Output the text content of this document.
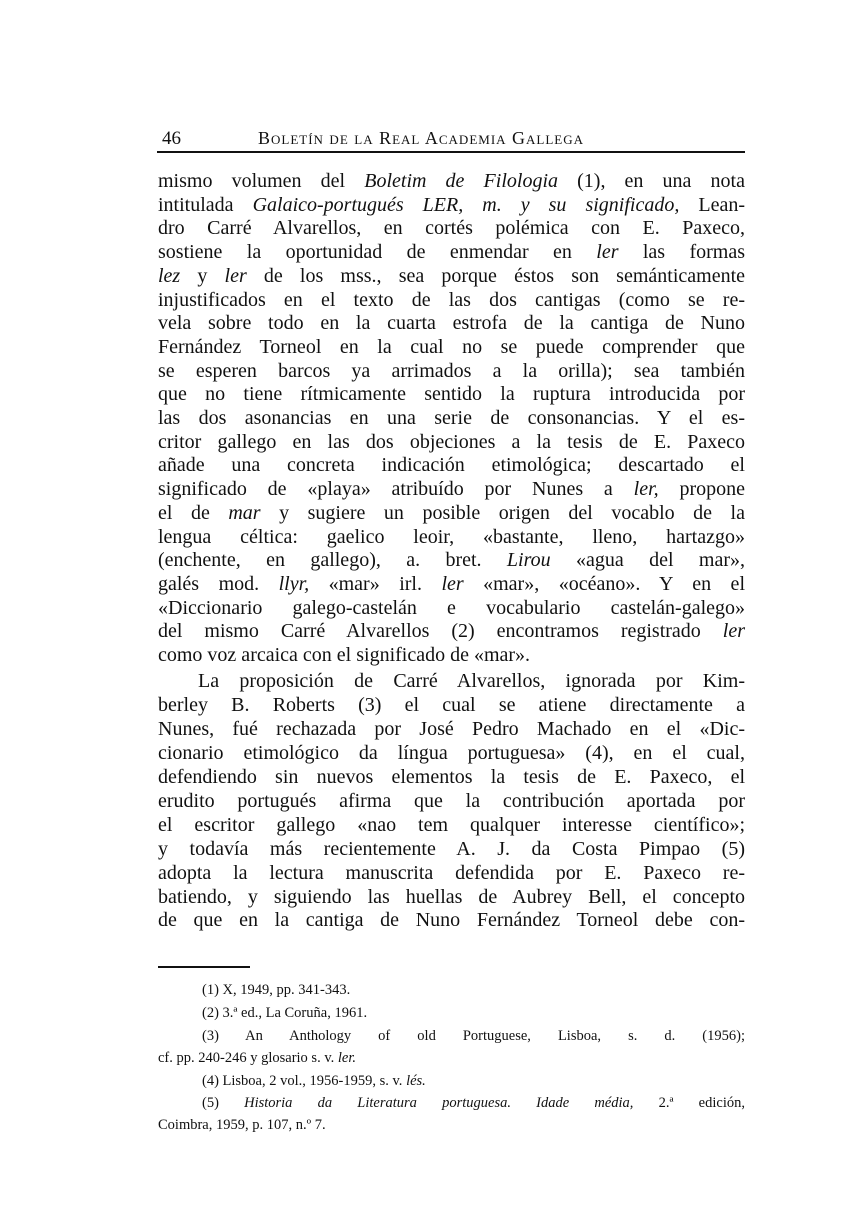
46	Boletín de la Real Academia Gallega
mismo volumen del Boletim de Filologia (1), en una nota
intitulada Galaico-portugués LER, m. y su significado, Lean-
dro Carré Alvarellos, en cortés polémica con E. Paxeco,
sostiene la oportunidad de enmendar en ler las formas
lez y ler de los mss., sea porque éstos son semánticamente
injustificados en el texto de las dos cantigas (como se re-
vela sobre todo en la cuarta estrofa de la cantiga de Nuno
Fernández Torneol en la cual no se puede comprender que
se esperen barcos ya arrimados a la orilla); sea también
que no tiene rítmicamente sentido la ruptura introducida por
las dos asonancias en una serie de consonancias. Y el es-
critor gallego en las dos objeciones a la tesis de E. Paxeco
añade una concreta indicación etimológica; descartado el
significado de «playa» atribuído por Nunes a ler, propone
el de mar y sugiere un posible origen del vocablo de la
lengua céltica: gaelico leoir, «bastante, lleno, hartazgo»
(enchente, en gallego), a. bret. Lirou «agua del mar»,
galés mod. llyr, «mar» irl. ler «mar», «océano». Y en el
«Diccionario galego-castelán e vocabulario castelán-galego»
del mismo Carré Alvarellos (2) encontramos registrado ler
como voz arcaica con el significado de «mar».
La proposición de Carré Alvarellos, ignorada por Kim-
berley B. Roberts (3) el cual se atiene directamente a
Nunes, fué rechazada por José Pedro Machado en el «Dic-
cionario etimológico da língua portuguesa» (4), en el cual,
defendiendo sin nuevos elementos la tesis de E. Paxeco, el
erudito portugués afirma que la contribución aportada por
el escritor gallego «nao tem qualquer interesse científico»;
y todavía más recientemente A. J. da Costa Pimpao (5)
adopta la lectura manuscrita defendida por E. Paxeco re-
batiendo, y siguiendo las huellas de Aubrey Bell, el concepto
de que en la cantiga de Nuno Fernández Torneol debe con-
(1) X, 1949, pp. 341-343.
(2) 3.ª ed., La Coruña, 1961.
(3) An Anthology of old Portuguese, Lisboa, s. d. (1956);
cf. pp. 240-246 y glosario s. v. ler.
(4) Lisboa, 2 vol., 1956-1959, s. v. lés.
(5) Historia da Literatura portuguesa. Idade média, 2.ª edición,
Coimbra, 1959, p. 107, n.º 7.
